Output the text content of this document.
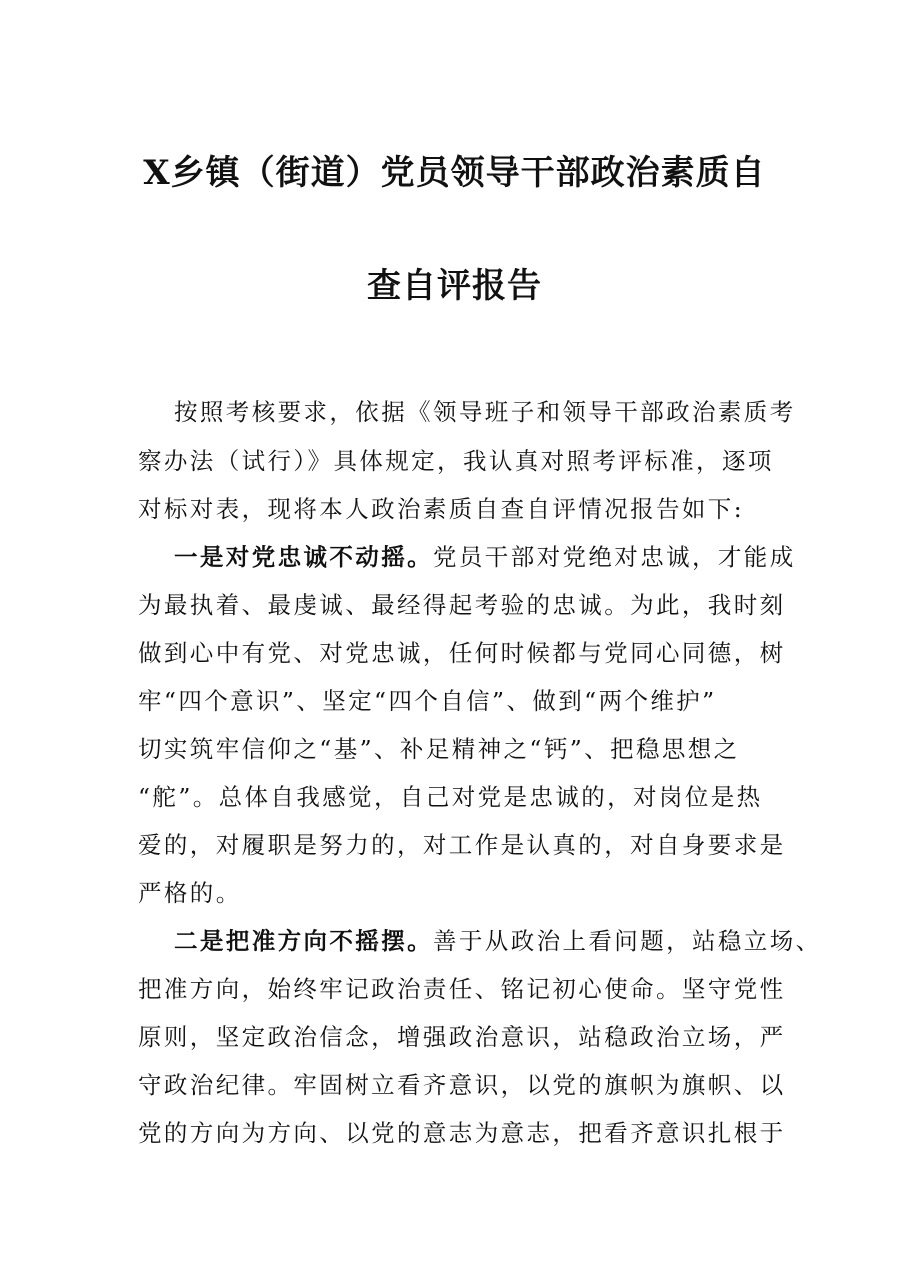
X乡镇（街道）党员领导干部政治素质自
查自评报告
按照考核要求，依据《领导班子和领导干部政治素质考
察办法（试行）》具体规定，我认真对照考评标准，逐项
对标对表，现将本人政治素质自查自评情况报告如下:
一是对党忠诚不动摇。党员干部对党绝对忠诚，才能成
为最执着、最虔诚、最经得起考验的忠诚。为此，我时刻
做到心中有党、对党忠诚，任何时候都与党同心同德，树
牢“四个意识”、坚定“四个自信”、做到“两个维护”
切实筑牢信仰之“基”、补足精神之“钙”、把稳思想之
“舵”。总体自我感觉，自己对党是忠诚的，对岗位是热
爱的，对履职是努力的，对工作是认真的，对自身要求是
严格的。
二是把准方向不摇摆。善于从政治上看问题，站稳立场、
把准方向，始终牢记政治责任、铭记初心使命。坚守党性
原则，坚定政治信念，增强政治意识，站稳政治立场，严
守政治纪律。牢固树立看齐意识，以党的旗帜为旗帜、以
党的方向为方向、以党的意志为意志，把看齐意识扎根于
